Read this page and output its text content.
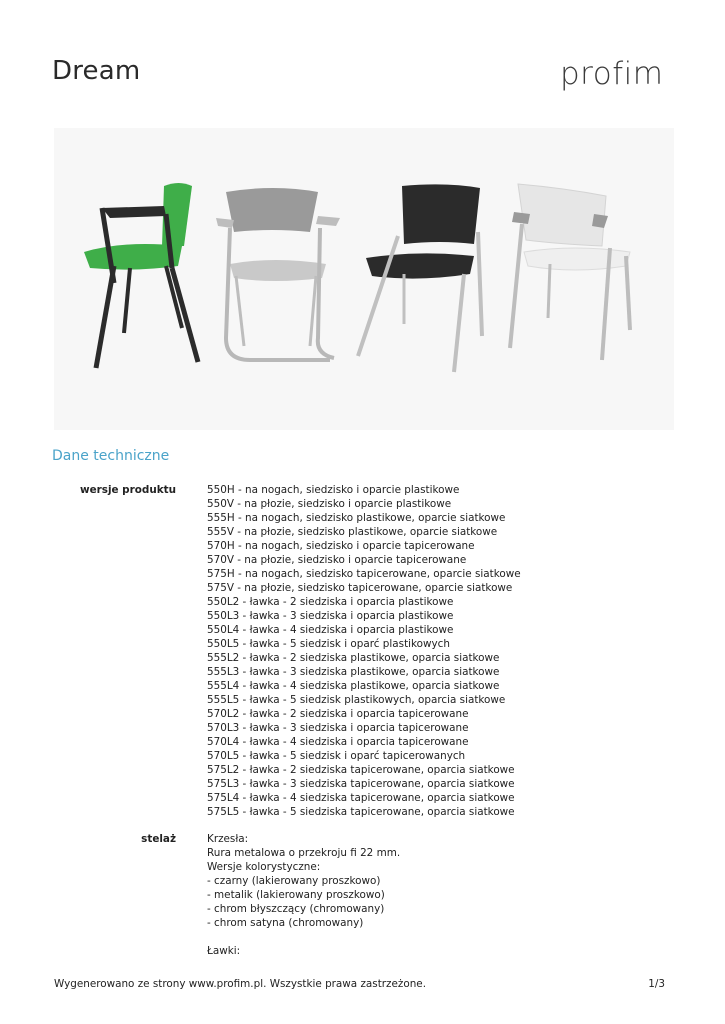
Dream	profim
Dane techniczne
wersje produktu	550H - na nogach, siedzisko i oparcie plastikowe
550V - na płozie, siedzisko i oparcie plastikowe
555H - na nogach, siedzisko plastikowe, oparcie siatkowe
555V - na płozie, siedzisko plastikowe, oparcie siatkowe
570H - na nogach, siedzisko i oparcie tapicerowane
570V - na płozie, siedzisko i oparcie tapicerowane
575H - na nogach, siedzisko tapicerowane, oparcie siatkowe
575V - na płozie, siedzisko tapicerowane, oparcie siatkowe
550L2 - ławka - 2 siedziska i oparcia plastikowe
550L3 - ławka - 3 siedziska i oparcia plastikowe
550L4 - ławka - 4 siedziska i oparcia plastikowe
550L5 - ławka - 5 siedzisk i oparć plastikowych
555L2 - ławka - 2 siedziska plastikowe, oparcia siatkowe
555L3 - ławka - 3 siedziska plastikowe, oparcia siatkowe
555L4 - ławka - 4 siedziska plastikowe, oparcia siatkowe
555L5 - ławka - 5 siedzisk plastikowych, oparcia siatkowe
570L2 - ławka - 2 siedziska i oparcia tapicerowane
570L3 - ławka - 3 siedziska i oparcia tapicerowane
570L4 - ławka - 4 siedziska i oparcia tapicerowane
570L5 - ławka - 5 siedzisk i oparć tapicerowanych
575L2 - ławka - 2 siedziska tapicerowane, oparcia siatkowe
575L3 - ławka - 3 siedziska tapicerowane, oparcia siatkowe
575L4 - ławka - 4 siedziska tapicerowane, oparcia siatkowe
575L5 - ławka - 5 siedziska tapicerowane, oparcia siatkowe
stelaż	Krzesła:
Rura metalowa o przekroju fi 22 mm.
Wersje kolorystyczne:
- czarny (lakierowany proszkowo)
- metalik (lakierowany proszkowo)
- chrom błyszczący (chromowany)
- chrom satyna (chromowany)
Ławki:
Wygenerowano ze strony www.profim.pl. Wszystkie prawa zastrzeżone.	1/3
